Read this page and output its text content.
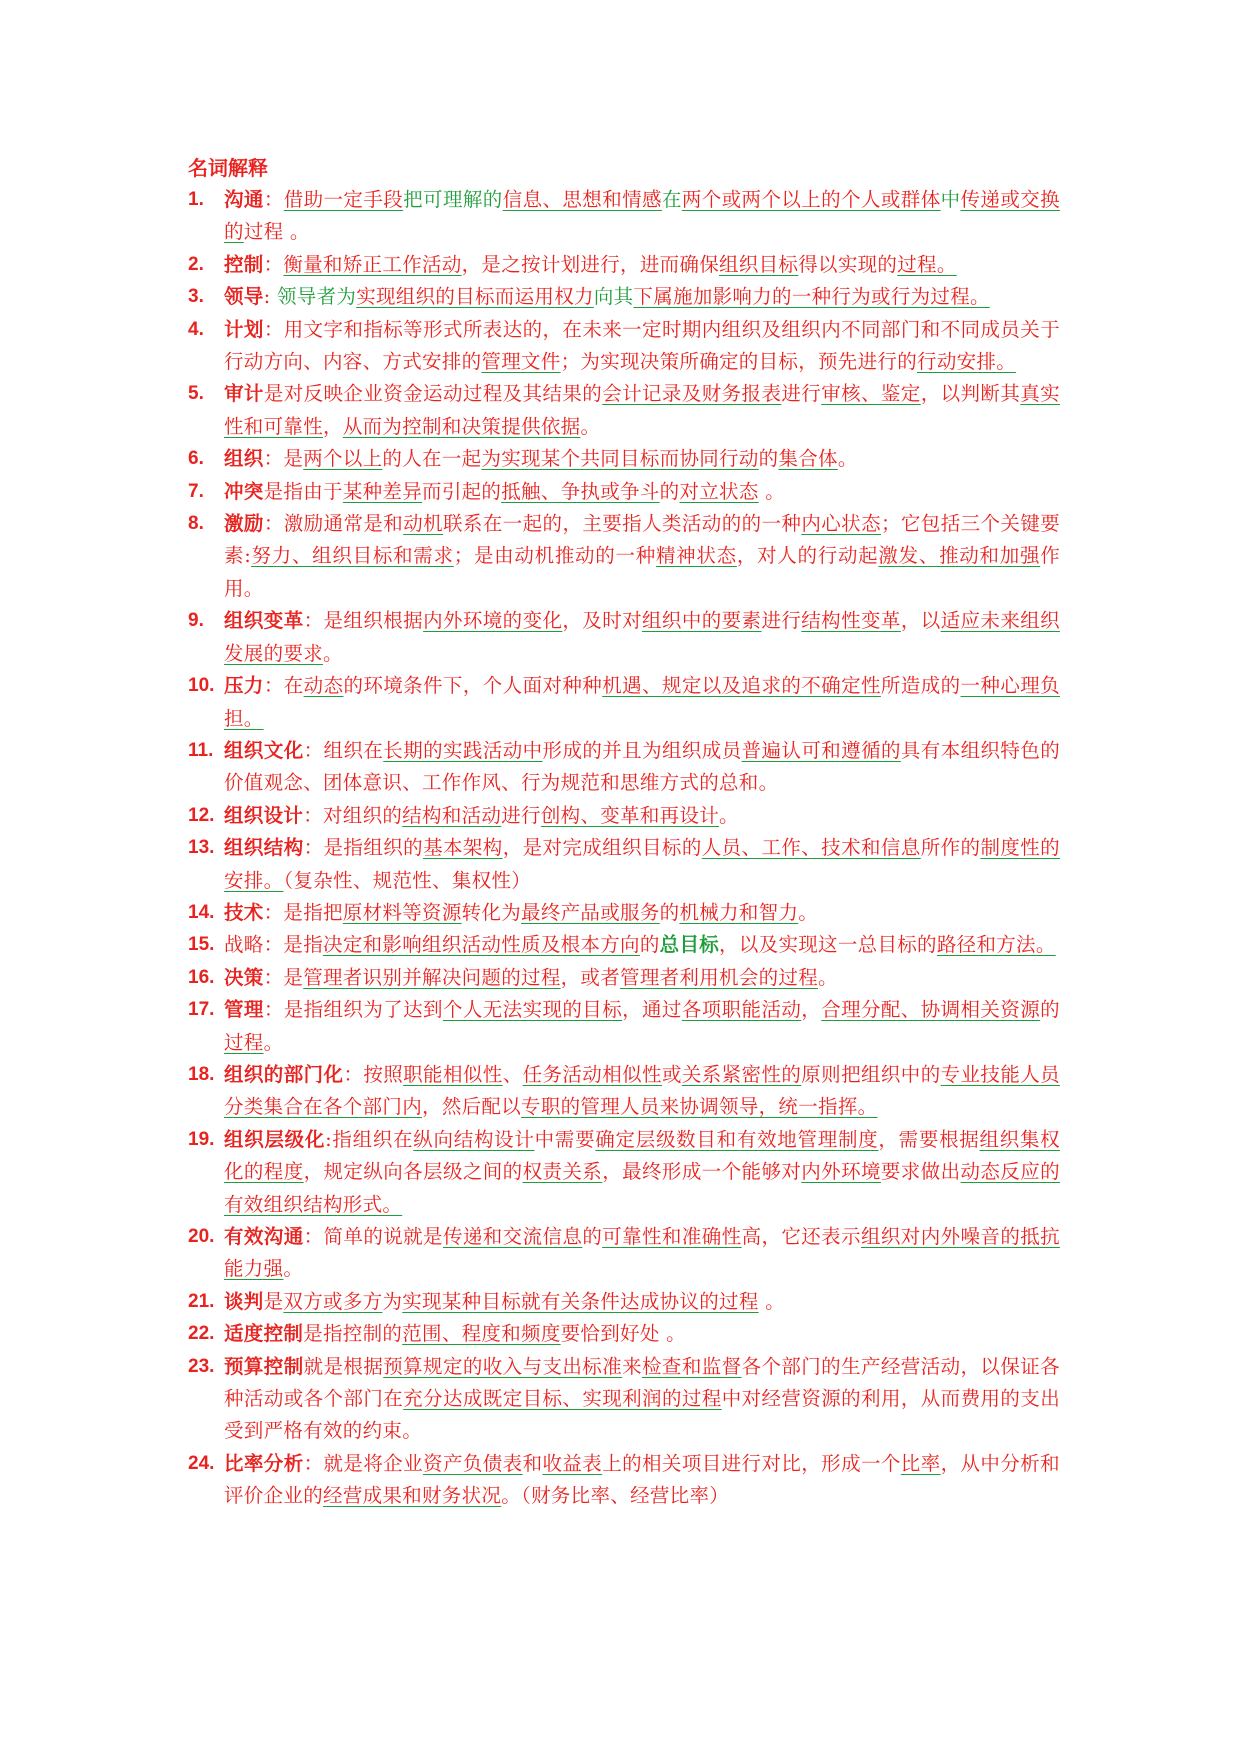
名词解释
1.	沟通：借助一定手段把可理解的信息、思想和情感在两个或两个以上的个人或群体中传递或交换的过程 。
2.	控制：衡量和矫正工作活动，是之按计划进行，进而确保组织目标得以实现的过程。
3.	领导: 领导者为实现组织的目标而运用权力向其下属施加影响力的一种行为或行为过程。
4.	计划：用文字和指标等形式所表达的，在未来一定时期内组织及组织内不同部门和不同成员关于行动方向、内容、方式安排的管理文件；为实现决策所确定的目标，预先进行的行动安排。
5.	审计是对反映企业资金运动过程及其结果的会计记录及财务报表进行审核、鉴定，以判断其真实性和可靠性，从而为控制和决策提供依据。
6.	组织：是两个以上的人在一起为实现某个共同目标而协同行动的集合体。
7.	冲突是指由于某种差异而引起的抵触、争执或争斗的对立状态 。
8.	激励：激励通常是和动机联系在一起的，主要指人类活动的的一种内心状态；它包括三个关键要素:努力、组织目标和需求；是由动机推动的一种精神状态，对人的行动起激发、推动和加强作用。
9.	组织变革：是组织根据内外环境的变化，及时对组织中的要素进行结构性变革，以适应未来组织发展的要求。
10. 压力：在动态的环境条件下，个人面对种种机遇、规定以及追求的不确定性所造成的一种心理负担。
11. 组织文化：组织在长期的实践活动中形成的并且为组织成员普遍认可和遵循的具有本组织特色的价值观念、团体意识、工作作风、行为规范和思维方式的总和。
12. 组织设计：对组织的结构和活动进行创构、变革和再设计。
13. 组织结构：是指组织的基本架构，是对完成组织目标的人员、工作、技术和信息所作的制度性的安排。（复杂性、规范性、集权性）
14. 技术：是指把原材料等资源转化为最终产品或服务的机械力和智力。
15. 战略：是指决定和影响组织活动性质及根本方向的总目标，以及实现这一总目标的路径和方法。
16. 决策：是管理者识别并解决问题的过程，或者管理者利用机会的过程。
17. 管理：是指组织为了达到个人无法实现的目标，通过各项职能活动，合理分配、协调相关资源的过程。
18. 组织的部门化：按照职能相似性、任务活动相似性或关系紧密性的原则把组织中的专业技能人员分类集合在各个部门内，然后配以专职的管理人员来协调领导，统一指挥。
19. 组织层级化:指组织在纵向结构设计中需要确定层级数目和有效地管理制度，需要根据组织集权化的程度，规定纵向各层级之间的权责关系，最终形成一个能够对内外环境要求做出动态反应的有效组织结构形式。
20. 有效沟通：简单的说就是传递和交流信息的可靠性和准确性高，它还表示组织对内外噪音的抵抗能力强。
21. 谈判是双方或多方为实现某种目标就有关条件达成协议的过程 。
22. 适度控制是指控制的范围、程度和频度要恰到好处 。
23. 预算控制就是根据预算规定的收入与支出标准来检查和监督各个部门的生产经营活动，以保证各种活动或各个部门在充分达成既定目标、实现利润的过程中对经营资源的利用，从而费用的支出受到严格有效的约束。
24. 比率分析：就是将企业资产负债表和收益表上的相关项目进行对比，形成一个比率，从中分析和评价企业的经营成果和财务状况。（财务比率、经营比率）
